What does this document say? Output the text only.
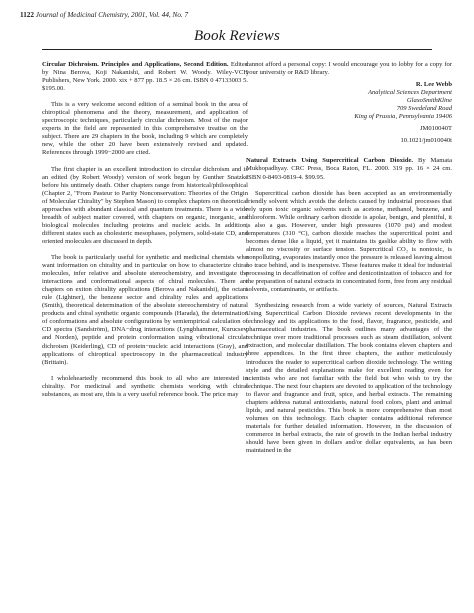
1122 Journal of Medicinal Chemistry, 2001, Vol. 44, No. 7
Book Reviews

Circular Dichroism. Principles and Applications, Second Edition. Edited by Nina Berova, Koji Nakanishi, and Robert W. Woody. Wiley-VCH Publishers, New York. 2000. xix + 877 pp. 18.5 × 26 cm. ISBN 0 47133003 5. $195.00.

This is a very welcome second edition of a seminal book in the area of chiroptical phenomena and the theory, measurement, and application of spectroscopic techniques, particularly circular dichroism. Most of the major experts in the field are represented in this comprehensive treatise on the subject. There are 29 chapters in the book, including 9 which are completely new, while the other 20 have been extensively revised and updated. References through 1999−2000 are cited.

The first chapter is an excellent introduction to circular dichroism and is an edited (by Robert Woody) version of work begun by Gunther Snatzke before his untimely death. Other chapters range from historical/philosophical (Chapter 2, "From Pasteur to Parity Nonconservation: Theories of the Origin of Molecular Chirality" by Stephen Mason) to complex chapters on theoretical approaches with abundant classical and quantum treatments. There is a wide breadth of subject matter covered, with chapters on organic, inorganic, and biological molecules including proteins and nucleic acids. In addition, different states such as cholesteric mesophases, polymers, solid-state CD, and oriented molecules are discussed in depth.

The book is particularly useful for synthetic and medicinal chemists who want information on chirality and in particular on how to characterize chiral molecules, infer relative and absolute stereochemistry, and investigate the interactions and conformational aspects of chiral molecules. There are chapters on exiton chirality applications (Berova and Nakanishi), the octant rule (Lightner), the benzene sector and chirality rules and applications (Smith), theoretical determination of the absolute stereochemistry of natural products and chiral synthetic organic compounds (Harada), the determination of conformations and absolute configurations by semiempirical calculation of CD spectra (Sandström), DNA−drug interactions (Lyngbhammer, Kurucsev, and Norden), peptide and protein conformation using vibrational circular dichroism (Keiderling), CD of protein−nucleic acid interactions (Gray), and applications of chiroptical spectroscopy in the pharmaceutical industry (Brittain).

I wholeheartedly recommend this book to all who are interested in chirality. For medicinal and synthetic chemists working with chiral substances, as most are, this is a very useful reference book. The price may

cannot afford a personal copy: I would encourage you to lobby for a copy for your university or R&D library.

R. Lee Webb
Analytical Sciences Department
GlaxoSmithKline
709 Swedeland Road
King of Prussia, Pennsylvania 19406
JM010040T
10.1021/jm010040t

Natural Extracts Using Supercritical Carbon Dioxide. By Mamata Mukhopadhyay. CRC Press, Boca Raton, FL. 2000. 319 pp. 16 × 24 cm. ISBN 0-8493-0819-4. $99.95.

Supercritical carbon dioxide has been accepted as an environmentally friendly solvent which avoids the defects caused by industrial processes that rely upon toxic organic solvents such as acetone, methanol, benzene, and chloroform. While ordinary carbon dioxide is apolar, benign, and plentiful, it is also a gas. However, under high pressures (1070 psi) and modest temperatures (310 °C), carbon dioxide reaches the supercritical point and becomes dense like a liquid, yet it maintains its gaslike ability to flow with almost no viscosity or surface tension. Supercritical CO₂ is nontoxic, is nonpolluting, evaporates instantly once the pressure is released leaving almost no trace behind, and is inexpensive. These features make it ideal for industrial processing in decaffeination of coffee and denicotinization of tobacco and for the preparation of natural extracts in concentrated form, free from any residual solvents, contaminants, or artifacts.

Synthesizing research from a wide variety of sources, Natural Extracts Using Supercritical Carbon Dioxide reviews recent developments in the technology and its applications to the food, flavor, fragrance, pesticide, and pharmaceutical industries. The book outlines many advantages of the technique over more traditional processes such as steam distillation, solvent extraction, and molecular distillation. The book contains eleven chapters and three appendices. In the first three chapters, the author meticulously introduces the reader to supercritical carbon dioxide technology. The writing style and the detailed explanations make for excellent reading even for scientists who are not familiar with the field but who wish to try the technique. The next four chapters are devoted to application of the technology to flavor and fragrance and fruit, spice, and herbal extracts. The remaining chapters address natural antioxidants, natural food colors, plant and animal lipids, and natural pesticides. This book is more comprehensive than most volumes on this technology. Each chapter contains additional reference materials for further detailed information. However, in the discussion of commerce in herbal extracts, the rate of growth in the Indian herbal industry should have been given in dollars and/or dollar equivalents, as has been maintained in the
